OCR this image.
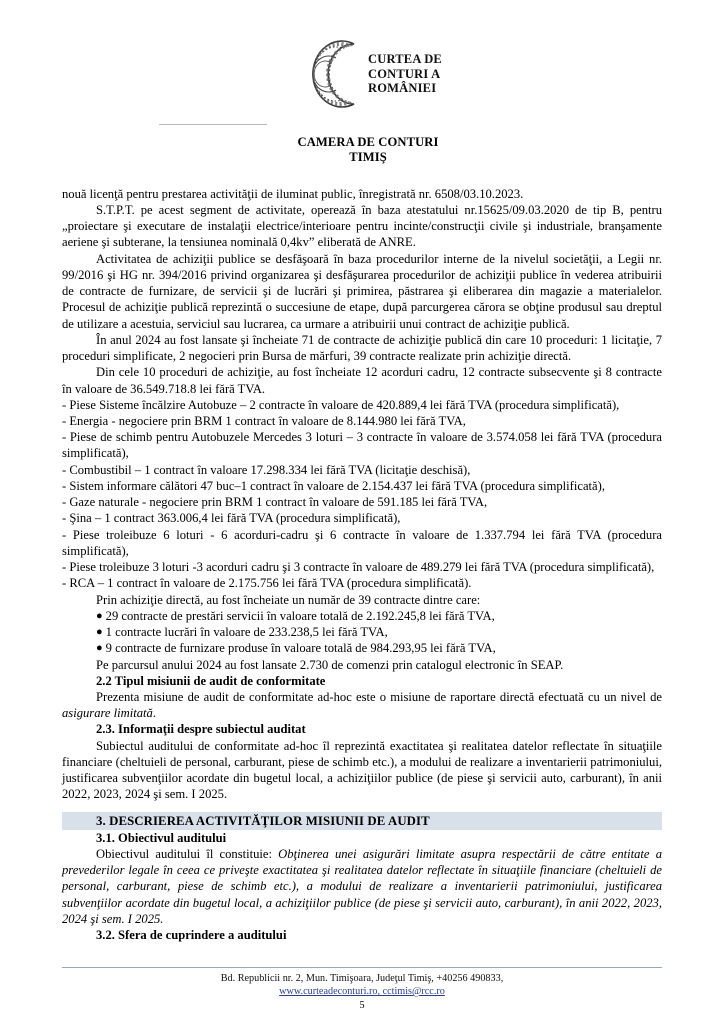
CURTEA DE
CONTURI A
ROMÂNIEI
CAMERA DE CONTURI
TIMIŞ

nouă licenţă pentru prestarea activităţii de iluminat public, înregistrată nr. 6508/03.10.2023.

S.T.P.T. pe acest segment de activitate, operează în baza atestatului nr.15625/09.03.2020 de tip B, pentru „proiectare şi executare de instalaţii electrice/interioare pentru incinte/construcţii civile şi industriale, branşamente aeriene şi subterane, la tensiunea nominală 0,4kv” eliberată de ANRE.

Activitatea de achiziţii publice se desfăşoară în baza procedurilor interne de la nivelul societăţii, a Legii nr. 99/2016 şi HG nr. 394/2016 privind organizarea şi desfăşurarea procedurilor de achiziţii publice în vederea atribuirii de contracte de furnizare, de servicii şi de lucrări şi primirea, păstrarea şi eliberarea din magazie a materialelor. Procesul de achiziţie publică reprezintă o succesiune de etape, după parcurgerea cărora se obţine produsul sau dreptul de utilizare a acestuia, serviciul sau lucrarea, ca urmare a atribuirii unui contract de achiziţie publică.

În anul 2024 au fost lansate şi încheiate 71 de contracte de achiziţie publică din care 10 proceduri: 1 licitaţie, 7 proceduri simplificate, 2 negocieri prin Bursa de mărfuri, 39 contracte realizate prin achiziţie directă.

Din cele 10 proceduri de achiziţie, au fost încheiate 12 acorduri cadru, 12 contracte subsecvente şi 8 contracte în valoare de 36.549.718.8 lei fără TVA.

- Piese Sisteme încălzire Autobuze – 2 contracte în valoare de 420.889,4 lei fără TVA (procedura simplificată),

- Energia - negociere prin BRM 1 contract în valoare de 8.144.980 lei fără TVA,

- Piese de schimb pentru Autobuzele Mercedes 3 loturi – 3 contracte în valoare de 3.574.058 lei fără TVA (procedura simplificată),

- Combustibil – 1 contract în valoare 17.298.334 lei fără TVA (licitaţie deschisă),

- Sistem informare călători 47 buc–1 contract în valoare de 2.154.437 lei fără TVA (procedura simplificată),

- Gaze naturale - negociere prin BRM 1 contract în valoare de 591.185 lei fără TVA,

- Şina – 1 contract 363.006,4 lei fără TVA (procedura simplificată),

- Piese troleibuze 6 loturi - 6 acorduri-cadru şi 6 contracte în valoare de 1.337.794 lei fără TVA (procedura simplificată),

- Piese troleibuze 3 loturi -3 acorduri cadru şi 3 contracte în valoare de 489.279 lei fără TVA (procedura simplificată),

- RCA – 1 contract în valoare de 2.175.756 lei fără TVA (procedura simplificată).

Prin achiziţie directă, au fost încheiate un număr de 39 contracte dintre care:

● 29 contracte de prestări servicii în valoare totală de 2.192.245,8 lei fără TVA,

● 1 contracte lucrări în valoare de 233.238,5 lei fără TVA,

● 9 contracte de furnizare produse în valoare totală de 984.293,95 lei fără TVA,

Pe parcursul anului 2024 au fost lansate 2.730 de comenzi prin catalogul electronic în SEAP.

2.2 Tipul misiunii de audit de conformitate

Prezenta misiune de audit de conformitate ad-hoc este o misiune de raportare directă efectuată cu un nivel de asigurare limitată.

2.3. Informaţii despre subiectul auditat

Subiectul auditului de conformitate ad-hoc îl reprezintă exactitatea şi realitatea datelor reflectate în situaţiile financiare (cheltuieli de personal, carburant, piese de schimb etc.), a modului de realizare a inventarierii patrimoniului, justificarea subvenţiilor acordate din bugetul local, a achiziţiilor publice (de piese şi servicii auto, carburant), în anii 2022, 2023, 2024 şi sem. I 2025.

3. DESCRIEREA ACTIVITĂŢILOR MISIUNII DE AUDIT

3.1. Obiectivul auditului

Obiectivul auditului îl constituie: Obţinerea unei asigurări limitate asupra respectării de către entitate a prevederilor legale în ceea ce priveşte exactitatea şi realitatea datelor reflectate în situaţiile financiare (cheltuieli de personal, carburant, piese de schimb etc.), a modului de realizare a inventarierii patrimoniului, justificarea subvenţiilor acordate din bugetul local, a achiziţiilor publice (de piese şi servicii auto, carburant), în anii 2022, 2023, 2024 şi sem. I 2025.

3.2. Sfera de cuprindere a auditului

Bd. Republicii nr. 2, Mun. Timişoara, Judeţul Timiş, +40256 490833,
www.curteadeconturi.ro, cctimis@rcc.ro
5
